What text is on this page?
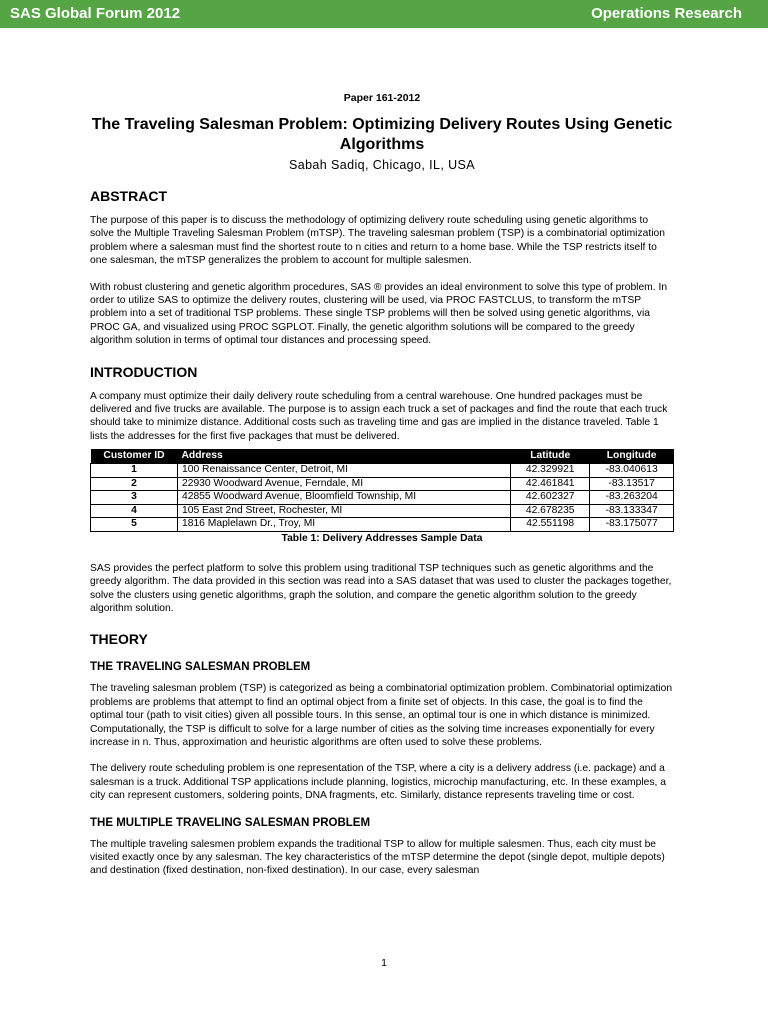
SAS Global Forum 2012	Operations Research
Paper 161-2012
The Traveling Salesman Problem: Optimizing Delivery Routes Using Genetic Algorithms
Sabah Sadiq, Chicago, IL, USA
ABSTRACT

The purpose of this paper is to discuss the methodology of optimizing delivery route scheduling using genetic algorithms to solve the Multiple Traveling Salesman Problem (mTSP). The traveling salesman problem (TSP) is a combinatorial optimization problem where a salesman must find the shortest route to n cities and return to a home base. While the TSP restricts itself to one salesman, the mTSP generalizes the problem to account for multiple salesmen.

With robust clustering and genetic algorithm procedures, SAS ® provides an ideal environment to solve this type of problem. In order to utilize SAS to optimize the delivery routes, clustering will be used, via PROC FASTCLUS, to transform the mTSP problem into a set of traditional TSP problems. These single TSP problems will then be solved using genetic algorithms, via PROC GA, and visualized using PROC SGPLOT. Finally, the genetic algorithm solutions will be compared to the greedy algorithm solution in terms of optimal tour distances and processing speed.

INTRODUCTION

A company must optimize their daily delivery route scheduling from a central warehouse. One hundred packages must be delivered and five trucks are available. The purpose is to assign each truck a set of packages and find the route that each truck should take to minimize distance. Additional costs such as traveling time and gas are implied in the distance traveled. Table 1 lists the addresses for the first five packages that must be delivered.

Customer ID	Address	Latitude	Longitude
1	100 Renaissance Center, Detroit, MI	42.329921	-83.040613
2	22930 Woodward Avenue, Ferndale, MI	42.461841	-83.13517
3	42855 Woodward Avenue, Bloomfield Township, MI	42.602327	-83.263204
4	105 East 2nd Street, Rochester, MI	42.678235	-83.133347
5	1816 Maplelawn Dr., Troy, MI	42.551198	-83.175077
Table 1: Delivery Addresses Sample Data

SAS provides the perfect platform to solve this problem using traditional TSP techniques such as genetic algorithms and the greedy algorithm. The data provided in this section was read into a SAS dataset that was used to cluster the packages together, solve the clusters using genetic algorithms, graph the solution, and compare the genetic algorithm solution to the greedy algorithm solution.

THEORY
THE TRAVELING SALESMAN PROBLEM

The traveling salesman problem (TSP) is categorized as being a combinatorial optimization problem. Combinatorial optimization problems are problems that attempt to find an optimal object from a finite set of objects. In this case, the goal is to find the optimal tour (path to visit cities) given all possible tours. In this sense, an optimal tour is one in which distance is minimized. Computationally, the TSP is difficult to solve for a large number of cities as the solving time increases exponentially for every increase in n. Thus, approximation and heuristic algorithms are often used to solve these problems.

The delivery route scheduling problem is one representation of the TSP, where a city is a delivery address (i.e. package) and a salesman is a truck. Additional TSP applications include planning, logistics, microchip manufacturing, etc. In these examples, a city can represent customers, soldering points, DNA fragments, etc. Similarly, distance represents traveling time or cost.

THE MULTIPLE TRAVELING SALESMAN PROBLEM

The multiple traveling salesmen problem expands the traditional TSP to allow for multiple salesmen. Thus, each city must be visited exactly once by any salesman. The key characteristics of the mTSP determine the depot (single depot, multiple depots) and destination (fixed destination, non-fixed destination). In our case, every salesman

1
